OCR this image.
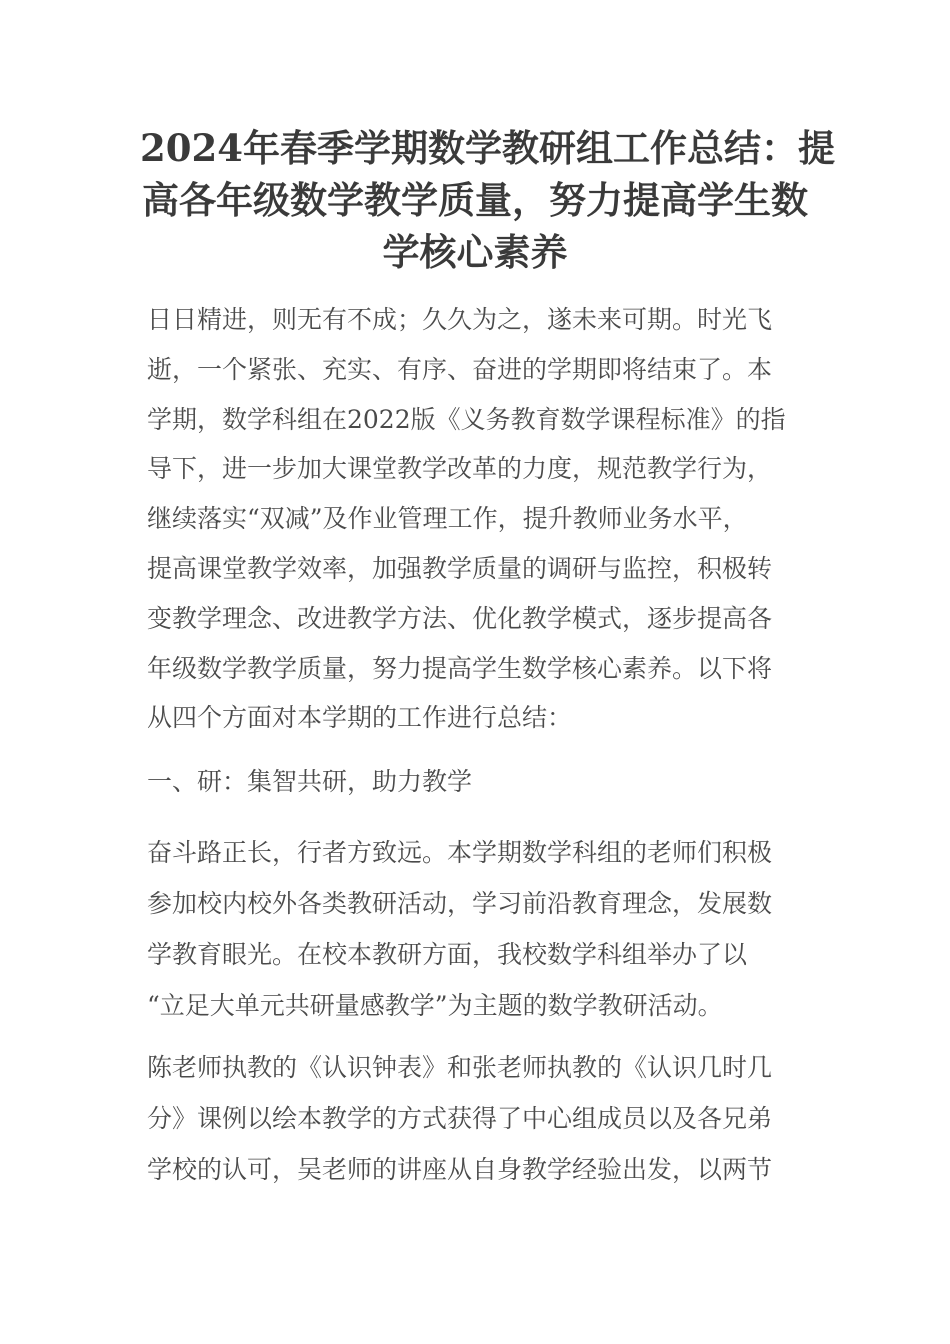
2024年春季学期数学教研组工作总结：提
高各年级数学教学质量，努力提高学生数
学核心素养

日日精进，则无有不成；久久为之，遂未来可期。时光飞
逝，一个紧张、充实、有序、奋进的学期即将结束了。本
学期，数学科组在2022版《义务教育数学课程标准》的指
导下，进一步加大课堂教学改革的力度，规范教学行为，
继续落实“双减”及作业管理工作，提升教师业务水平，
提高课堂教学效率，加强教学质量的调研与监控，积极转
变教学理念、改进教学方法、优化教学模式，逐步提高各
年级数学教学质量，努力提高学生数学核心素养。以下将
从四个方面对本学期的工作进行总结：

一、研：集智共研，助力教学

奋斗路正长，行者方致远。本学期数学科组的老师们积极
参加校内校外各类教研活动，学习前沿教育理念，发展数
学教育眼光。在校本教研方面，我校数学科组举办了以
“立足大单元共研量感教学”为主题的数学教研活动。

陈老师执教的《认识钟表》和张老师执教的《认识几时几
分》课例以绘本教学的方式获得了中心组成员以及各兄弟
学校的认可，吴老师的讲座从自身教学经验出发，以两节
